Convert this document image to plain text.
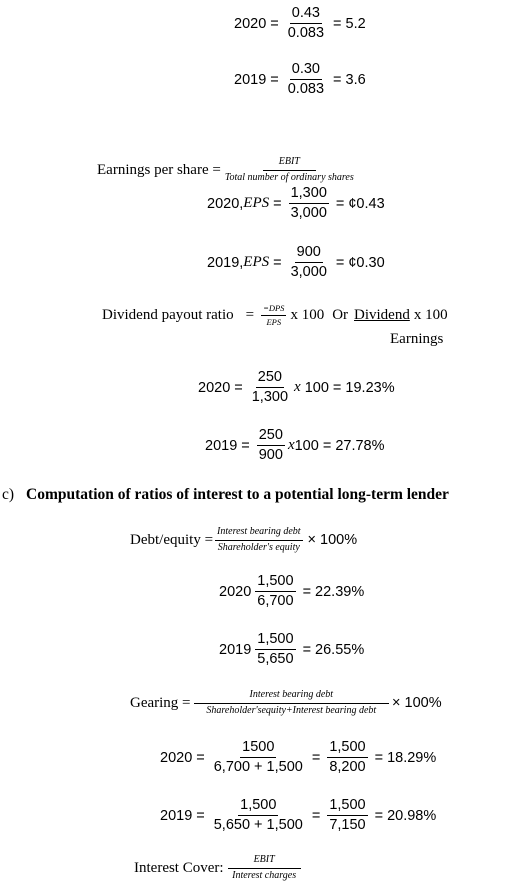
$2020 = \frac{0.43}{0.083} = 5.2$
$2019 = \frac{0.30}{0.083} = 3.6$
Earnings per share = $\frac{\text{EBIT}}{\text{Total number of ordinary shares}}$
2020, EPS = $\frac{1,300}{3,000}$ = ¢0.43
2019, EPS = $\frac{900}{3,000}$ = ¢0.30
Dividend payout ratio = $\frac{\text{=DPS}}{\text{EPS}}$ x 100 Or Dividend x 100
Earnings
$2020 = \frac{250}{1,300}$ x 100 = 19.23%
$2019 = \frac{250}{900}$ x 100 = 27.78%
c) Computation of ratios of interest to a potential long-term lender
Debt/equity = $\frac{\text{Interest bearing debt}}{\text{Shareholder's equity}} \times 100\%$
$2020 \frac{1,500}{6,700} = 22.39\%$
$2019 \frac{1,500}{5,650} = 26.55\%$
Gearing = $\frac{\text{Interest bearing debt}}{\text{Shareholder'sequity+Interest bearing debt}} \times 100\%$
$2020 = \frac{1500}{6,700 + 1,500} = \frac{1,500}{8,200} = 18.29\%$
$2019 = \frac{1,500}{5,650 + 1,500} = \frac{1,500}{7,150} = 20.98\%$
Interest Cover: $\frac{\text{EBIT}}{\text{Interest charges}}$
